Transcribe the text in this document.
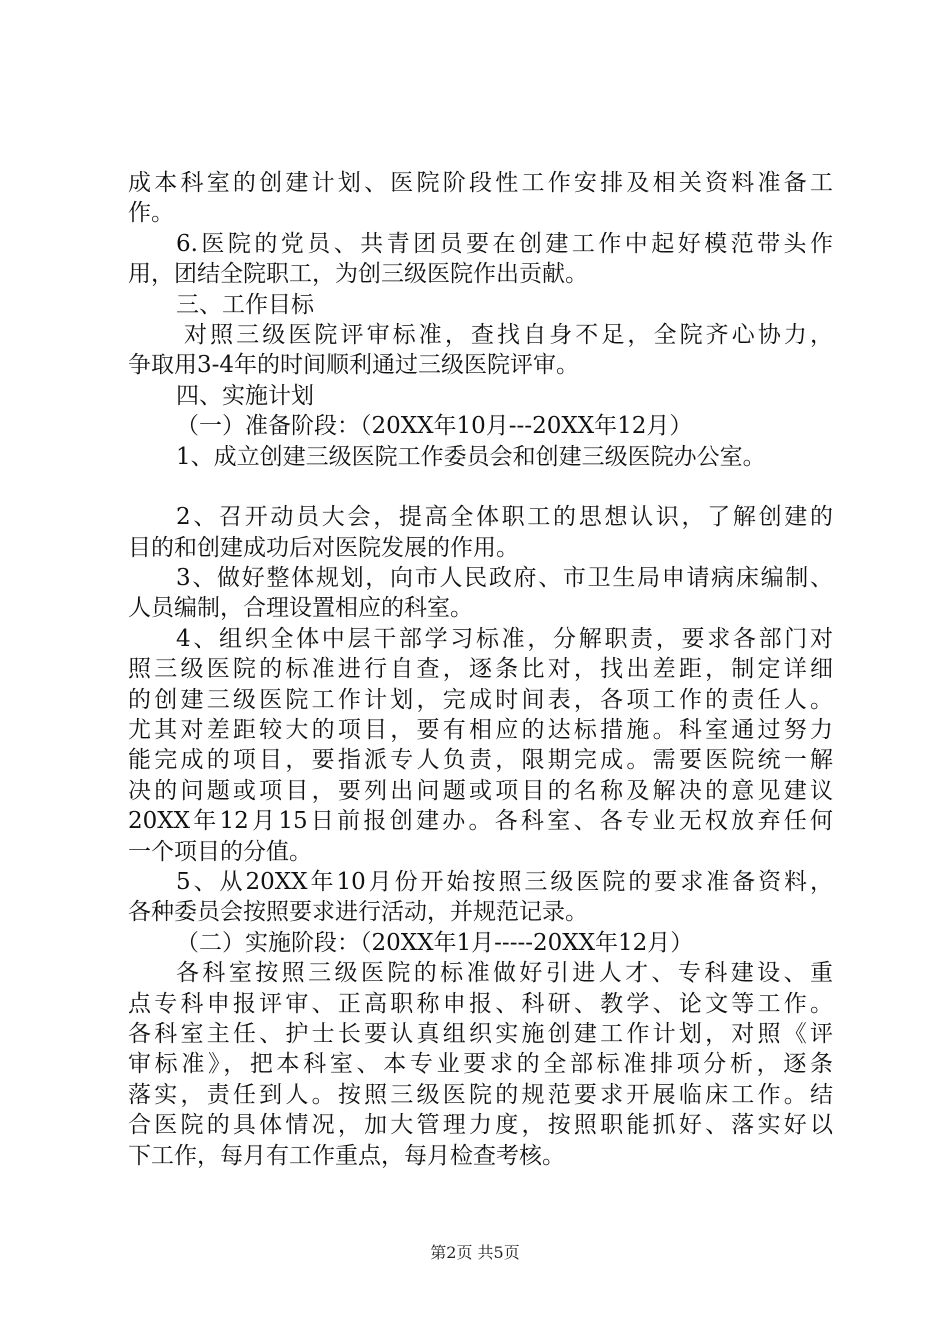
成本科室的创建计划、医院阶段性工作安排及相关资料准备工
作。
6.医院的党员、共青团员要在创建工作中起好模范带头作
用，团结全院职工，为创三级医院作出贡献。
三、工作目标
对照三级医院评审标准，查找自身不足，全院齐心协力，
争取用3-4年的时间顺利通过三级医院评审。
四、实施计划
（一）准备阶段：（20XX年10月---20XX年12月）
1、成立创建三级医院工作委员会和创建三级医院办公室。
2、召开动员大会，提高全体职工的思想认识，了解创建的
目的和创建成功后对医院发展的作用。
3、做好整体规划，向市人民政府、市卫生局申请病床编制、
人员编制，合理设置相应的科室。
4、组织全体中层干部学习标准，分解职责，要求各部门对
照三级医院的标准进行自查，逐条比对，找出差距，制定详细
的创建三级医院工作计划，完成时间表，各项工作的责任人。
尤其对差距较大的项目，要有相应的达标措施。科室通过努力
能完成的项目，要指派专人负责，限期完成。需要医院统一解
决的问题或项目，要列出问题或项目的名称及解决的意见建议
20XX年12月15日前报创建办。各科室、各专业无权放弃任何
一个项目的分值。
5、从20XX年10月份开始按照三级医院的要求准备资料，
各种委员会按照要求进行活动，并规范记录。
（二）实施阶段：（20XX年1月-----20XX年12月）
各科室按照三级医院的标准做好引进人才、专科建设、重
点专科申报评审、正高职称申报、科研、教学、论文等工作。
各科室主任、护士长要认真组织实施创建工作计划，对照《评
审标准》，把本科室、本专业要求的全部标准排项分析，逐条
落实，责任到人。按照三级医院的规范要求开展临床工作。结
合医院的具体情况，加大管理力度，按照职能抓好、落实好以
下工作，每月有工作重点，每月检查考核。
第2页 共5页
